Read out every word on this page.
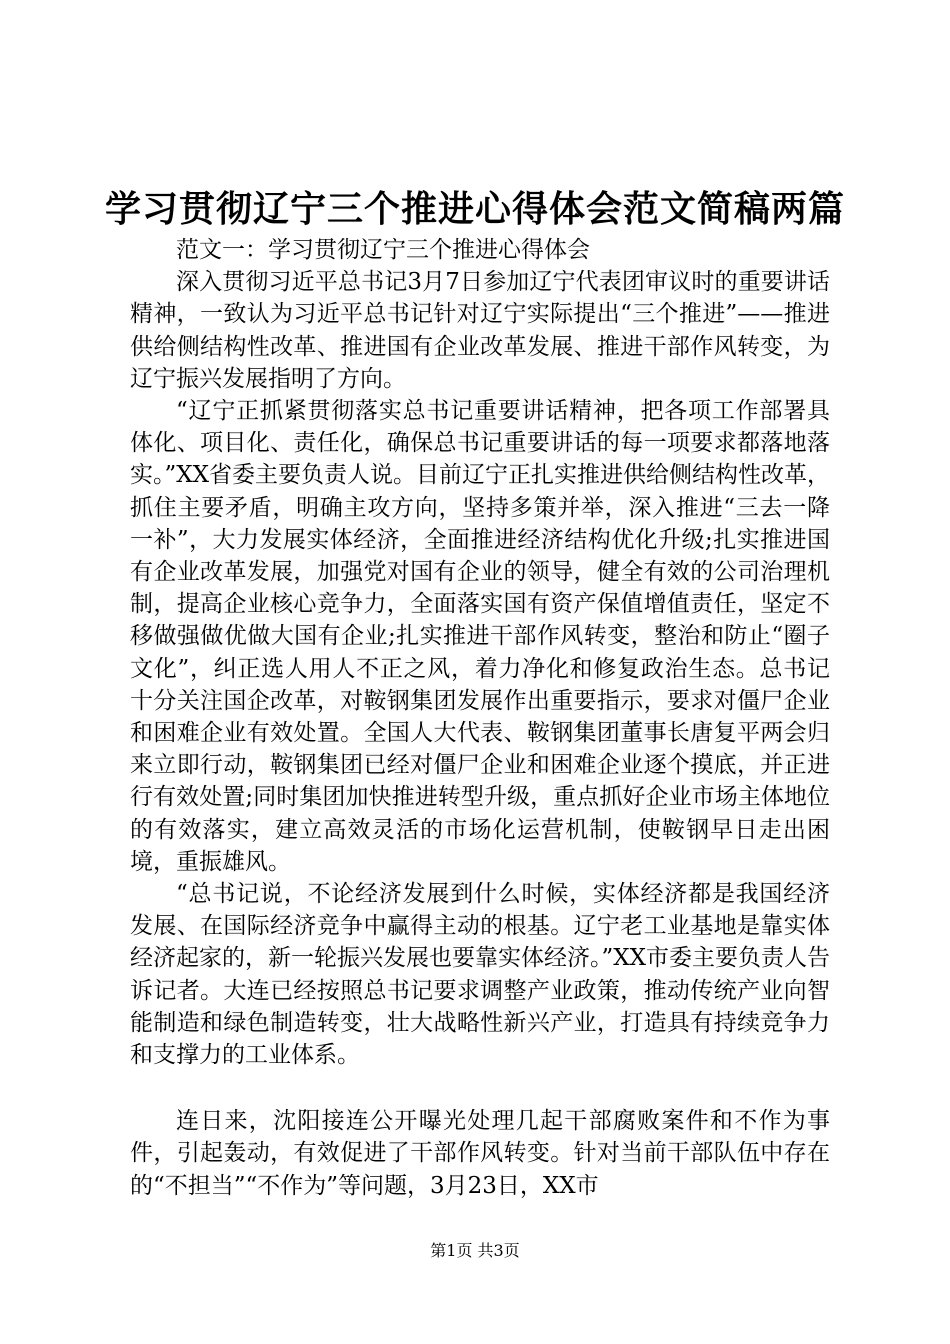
学习贯彻辽宁三个推进心得体会范文简稿两篇

范文一：学习贯彻辽宁三个推进心得体会

深入贯彻习近平总书记3月7日参加辽宁代表团审议时的重要讲话精神，一致认为习近平总书记针对辽宁实际提出“三个推进”——推进供给侧结构性改革、推进国有企业改革发展、推进干部作风转变，为辽宁振兴发展指明了方向。

“辽宁正抓紧贯彻落实总书记重要讲话精神，把各项工作部署具体化、项目化、责任化，确保总书记重要讲话的每一项要求都落地落实。”XX省委主要负责人说。目前辽宁正扎实推进供给侧结构性改革，抓住主要矛盾，明确主攻方向，坚持多策并举，深入推进“三去一降一补”，大力发展实体经济，全面推进经济结构优化升级;扎实推进国有企业改革发展，加强党对国有企业的领导，健全有效的公司治理机制，提高企业核心竞争力，全面落实国有资产保值增值责任，坚定不移做强做优做大国有企业;扎实推进干部作风转变，整治和防止“圈子文化”，纠正选人用人不正之风，着力净化和修复政治生态。总书记十分关注国企改革，对鞍钢集团发展作出重要指示，要求对僵尸企业和困难企业有效处置。全国人大代表、鞍钢集团董事长唐复平两会归来立即行动，鞍钢集团已经对僵尸企业和困难企业逐个摸底，并正进行有效处置;同时集团加快推进转型升级，重点抓好企业市场主体地位的有效落实，建立高效灵活的市场化运营机制，使鞍钢早日走出困境，重振雄风。

“总书记说，不论经济发展到什么时候，实体经济都是我国经济发展、在国际经济竞争中赢得主动的根基。辽宁老工业基地是靠实体经济起家的，新一轮振兴发展也要靠实体经济。”XX市委主要负责人告诉记者。大连已经按照总书记要求调整产业政策，推动传统产业向智能制造和绿色制造转变，壮大战略性新兴产业，打造具有持续竞争力和支撑力的工业体系。

连日来，沈阳接连公开曝光处理几起干部腐败案件和不作为事件，引起轰动，有效促进了干部作风转变。针对当前干部队伍中存在的“不担当”“不作为”等问题，3月23日，XX市

第1页 共3页
